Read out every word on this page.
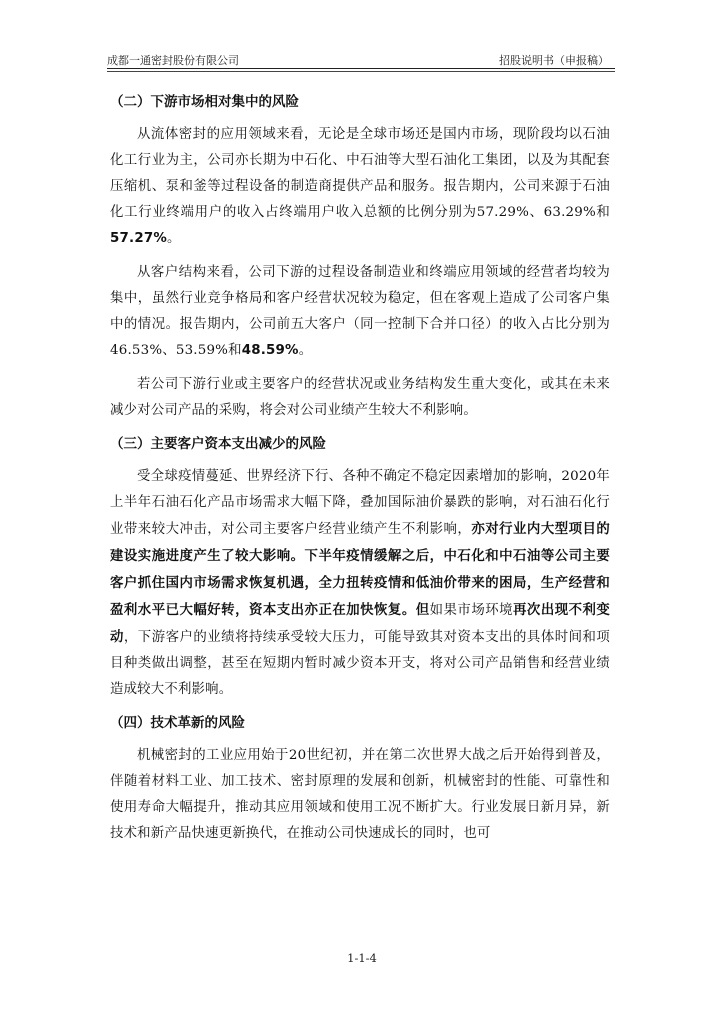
成都一通密封股份有限公司	招股说明书（申报稿）
（二）下游市场相对集中的风险

从流体密封的应用领域来看，无论是全球市场还是国内市场，现阶段均以石油化工行业为主，公司亦长期为中石化、中石油等大型石油化工集团，以及为其配套压缩机、泵和釜等过程设备的制造商提供产品和服务。报告期内，公司来源于石油化工行业终端用户的收入占终端用户收入总额的比例分别为57.29%、63.29%和57.27%。

从客户结构来看，公司下游的过程设备制造业和终端应用领域的经营者均较为集中，虽然行业竞争格局和客户经营状况较为稳定，但在客观上造成了公司客户集中的情况。报告期内，公司前五大客户（同一控制下合并口径）的收入占比分别为46.53%、53.59%和48.59%。

若公司下游行业或主要客户的经营状况或业务结构发生重大变化，或其在未来减少对公司产品的采购，将会对公司业绩产生较大不利影响。

（三）主要客户资本支出减少的风险

受全球疫情蔓延、世界经济下行、各种不确定不稳定因素增加的影响，2020年上半年石油石化产品市场需求大幅下降，叠加国际油价暴跌的影响，对石油石化行业带来较大冲击，对公司主要客户经营业绩产生不利影响，亦对行业内大型项目的建设实施进度产生了较大影响。下半年疫情缓解之后，中石化和中石油等公司主要客户抓住国内市场需求恢复机遇，全力扭转疫情和低油价带来的困局，生产经营和盈利水平已大幅好转，资本支出亦正在加快恢复。但如果市场环境再次出现不利变动，下游客户的业绩将持续承受较大压力，可能导致其对资本支出的具体时间和项目种类做出调整，甚至在短期内暂时减少资本开支，将对公司产品销售和经营业绩造成较大不利影响。

（四）技术革新的风险

机械密封的工业应用始于20世纪初，并在第二次世界大战之后开始得到普及，伴随着材料工业、加工技术、密封原理的发展和创新，机械密封的性能、可靠性和使用寿命大幅提升，推动其应用领域和使用工况不断扩大。行业发展日新月异，新技术和新产品快速更新换代，在推动公司快速成长的同时，也可

1-1-4
